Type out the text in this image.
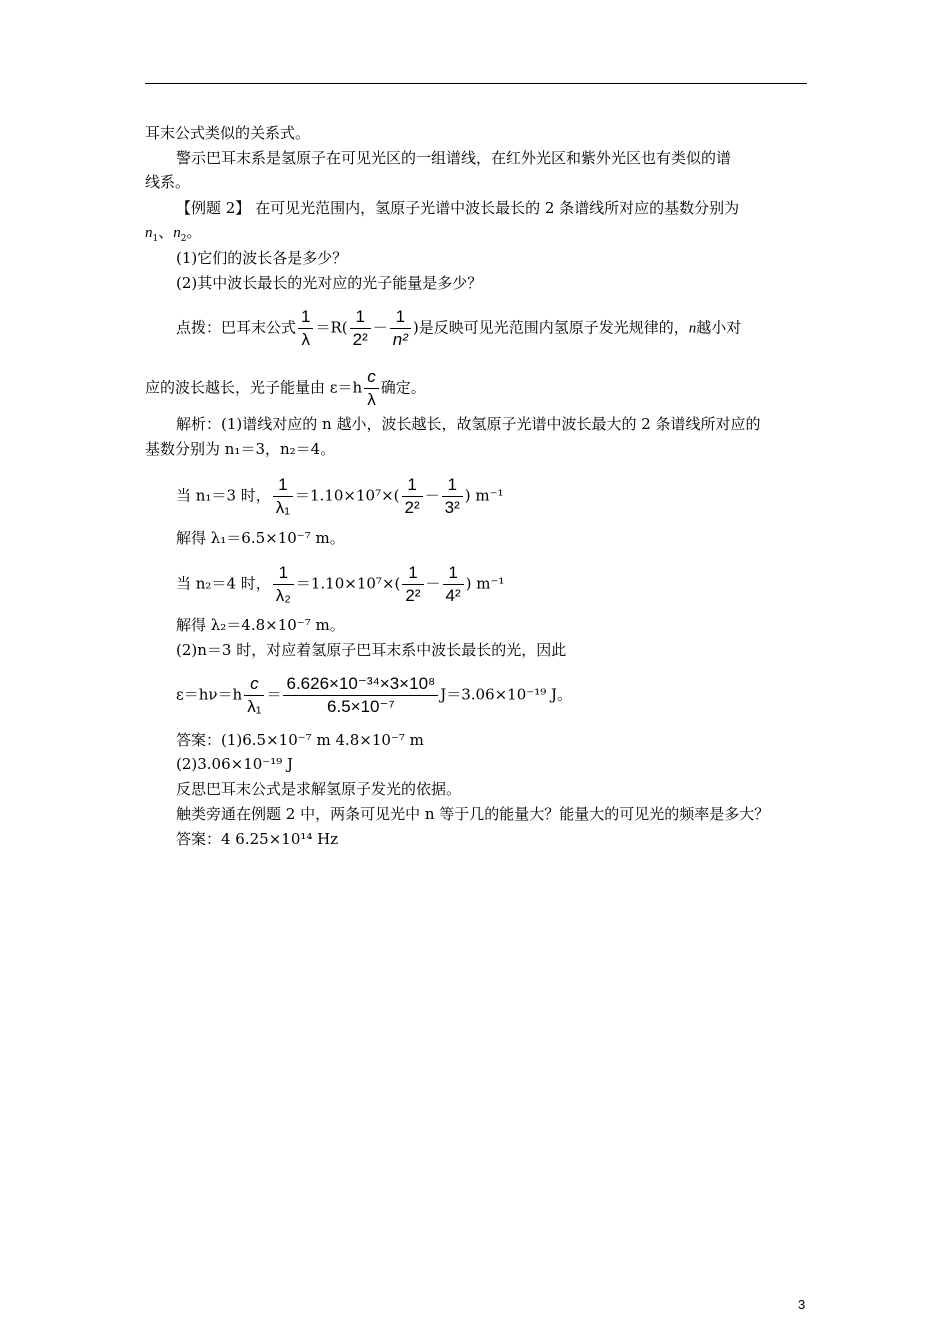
耳末公式类似的关系式。
警示巴耳末系是氢原子在可见光区的一组谱线，在红外光区和紫外光区也有类似的谱
线系。
【例题 2】 在可见光范围内，氢原子光谱中波长最长的 2 条谱线所对应的基数分别为
$n_1$、$n_2$。
(1)它们的波长各是多少？
(2)其中波长最长的光对应的光子能量是多少？
点拨：巴耳末公式 $\frac{1}{\lambda} =R( \frac{1}{\text{2²}} - \frac{1}{\text{n²}}$ )是反映可见光范围内氢原子发光规律的，n越小对
应的波长越长，光子能量由 $\varepsilon=h \frac{c}{\lambda}$ 确定。
解析：(1)谱线对应的 n 越小，波长越长，故氢原子光谱中波长最大的 2 条谱线所对应的
基数分别为 n₁＝3，n₂＝4。
当 n₁＝3 时， $\frac{1}{\text{λ₁}} =1.10\times 10^7\times( \frac{1}{\text{2²}} - \frac{1}{\text{3²}}$ ) m⁻¹
解得 λ₁＝6.5×10⁻⁷ m。
当 n₂＝4 时， $\frac{1}{\text{λ₂}} =1.10\times 10^7\times( \frac{1}{\text{2²}} - \frac{1}{\text{4²}}$ ) m⁻¹
解得 λ₂＝4.8×10⁻⁷ m。
(2)n＝3 时，对应着氢原子巴耳末系中波长最长的光，因此
$\varepsilon=h\nu=h \frac{c}{\text{λ₁}} = \frac{\text{6.626×10⁻³⁴×3×10⁸}}{\text{6.5×10⁻⁷}} J=3.06\times 10^{-19}$ J。
答案：(1)6.5×10⁻⁷ m 4.8×10⁻⁷ m
(2)3.06×10⁻¹⁹ J
反思巴耳末公式是求解氢原子发光的依据。
触类旁通在例题 2 中，两条可见光中 n 等于几的能量大？能量大的可见光的频率是多大？
答案：4 6.25×10¹⁴ Hz
3
